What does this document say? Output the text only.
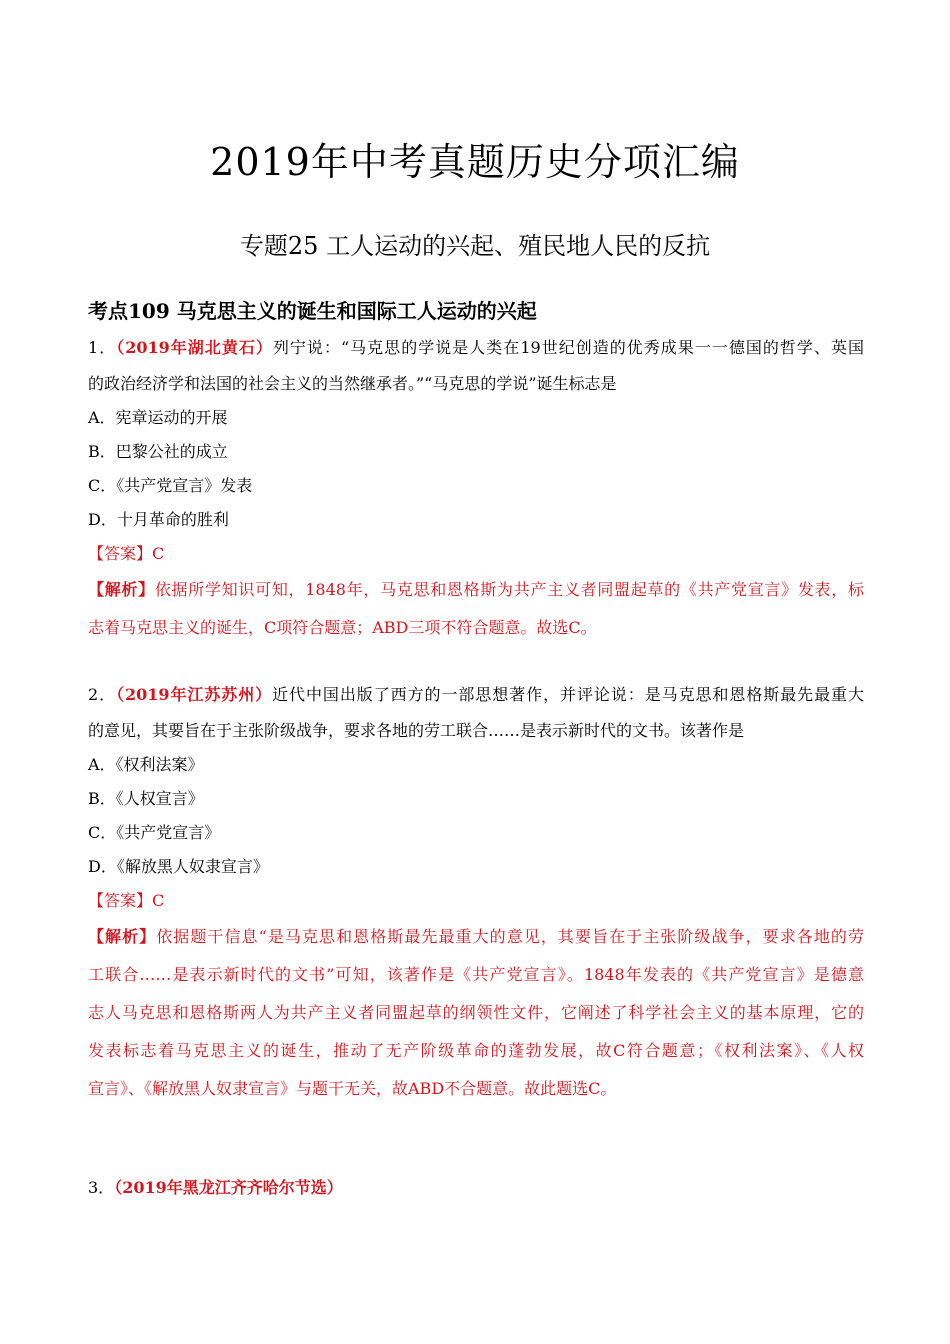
2019年中考真题历史分项汇编
专题25 工人运动的兴起、殖民地人民的反抗
考点109 马克思主义的诞生和国际工人运动的兴起
1．（2019年湖北黄石）列宁说：“马克思的学说是人类在19世纪创造的优秀成果一一德国的哲学、英国
的政治经济学和法国的社会主义的当然继承者。”“马克思的学说”诞生标志是
A．宪章运动的开展
B．巴黎公社的成立
C．《共产党宣言》发表
D．十月革命的胜利
【答案】C
【解析】依据所学知识可知，1848年，马克思和恩格斯为共产主义者同盟起草的《共产党宣言》发表，标
志着马克思主义的诞生，C项符合题意；ABD三项不符合题意。故选C。
2．（2019年江苏苏州）近代中国出版了西方的一部思想著作，并评论说：是马克思和恩格斯最先最重大
的意见，其要旨在于主张阶级战争，要求各地的劳工联合……是表示新时代的文书。该著作是
A．《权利法案》
B．《人权宣言》
C．《共产党宣言》
D．《解放黑人奴隶宣言》
【答案】C
【解析】依据题干信息“是马克思和恩格斯最先最重大的意见，其要旨在于主张阶级战争，要求各地的劳
工联合……是表示新时代的文书”可知，该著作是《共产党宣言》。1848年发表的《共产党宣言》是德意
志人马克思和恩格斯两人为共产主义者同盟起草的纲领性文件，它阐述了科学社会主义的基本原理，它的
发表标志着马克思主义的诞生，推动了无产阶级革命的蓬勃发展，故C符合题意；《权利法案》、《人权
宣言》、《解放黑人奴隶宣言》与题干无关，故ABD不合题意。故此题选C。
3．（2019年黑龙江齐齐哈尔节选）
